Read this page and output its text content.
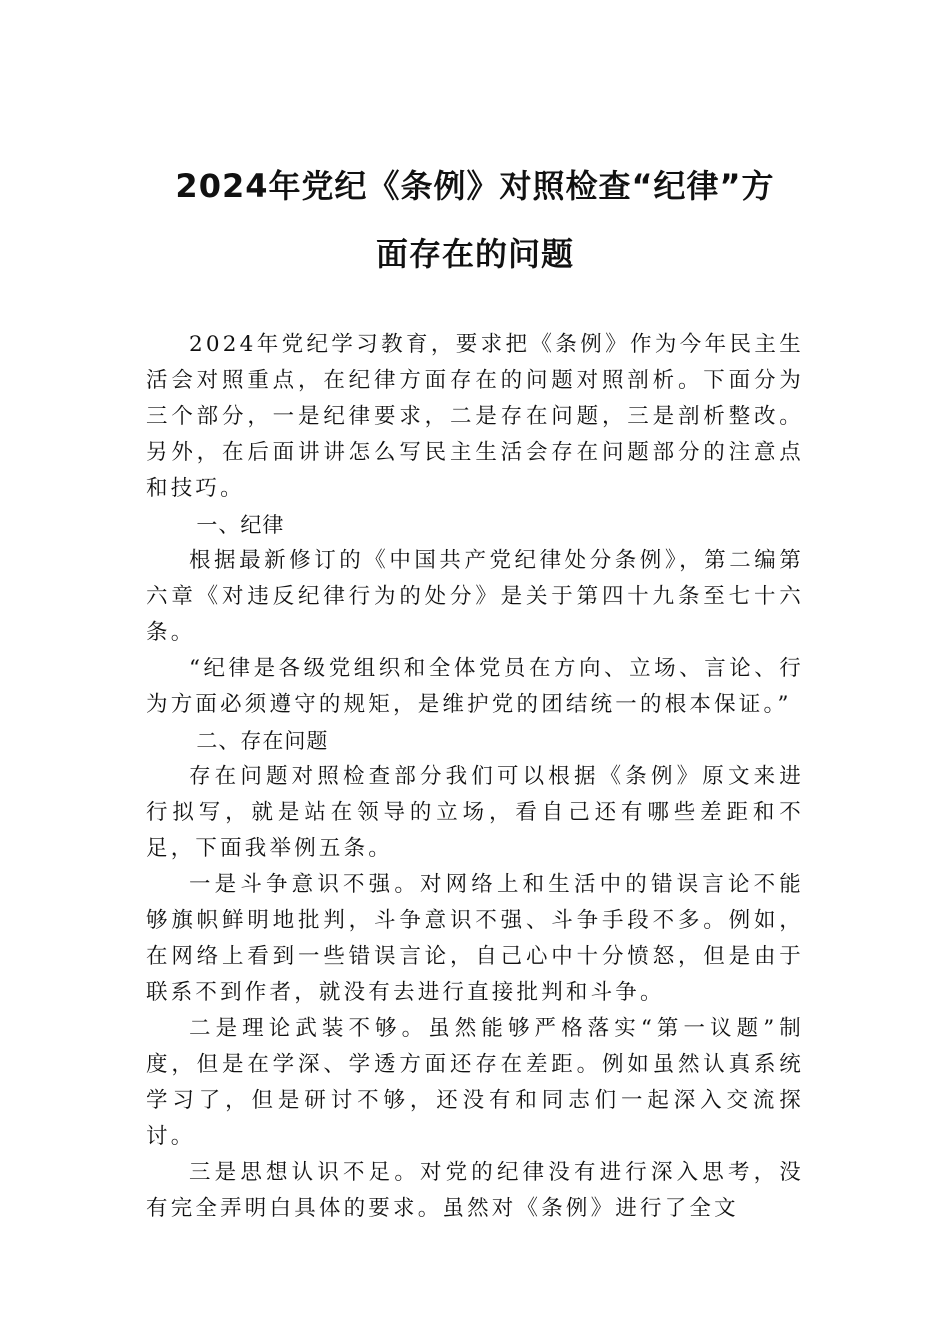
2024年党纪《条例》对照检查“纪律”方
面存在的问题

2024年党纪学习教育，要求把《条例》作为今年民主生活会对照重点，在纪律方面存在的问题对照剖析。下面分为三个部分，一是纪律要求，二是存在问题，三是剖析整改。另外，在后面讲讲怎么写民主生活会存在问题部分的注意点和技巧。

一、纪律

根据最新修订的《中国共产党纪律处分条例》，第二编第六章《对违反纪律行为的处分》是关于第四十九条至七十六条。

“纪律是各级党组织和全体党员在方向、立场、言论、行为方面必须遵守的规矩，是维护党的团结统一的根本保证。”

二、存在问题

存在问题对照检查部分我们可以根据《条例》原文来进行拟写，就是站在领导的立场，看自己还有哪些差距和不足，下面我举例五条。

一是斗争意识不强。对网络上和生活中的错误言论不能够旗帜鲜明地批判，斗争意识不强、斗争手段不多。例如，在网络上看到一些错误言论，自己心中十分愤怒，但是由于联系不到作者，就没有去进行直接批判和斗争。

二是理论武装不够。虽然能够严格落实“第一议题”制度，但是在学深、学透方面还存在差距。例如虽然认真系统学习了，但是研讨不够，还没有和同志们一起深入交流探讨。

三是思想认识不足。对党的纪律没有进行深入思考，没有完全弄明白具体的要求。虽然对《条例》进行了全文
